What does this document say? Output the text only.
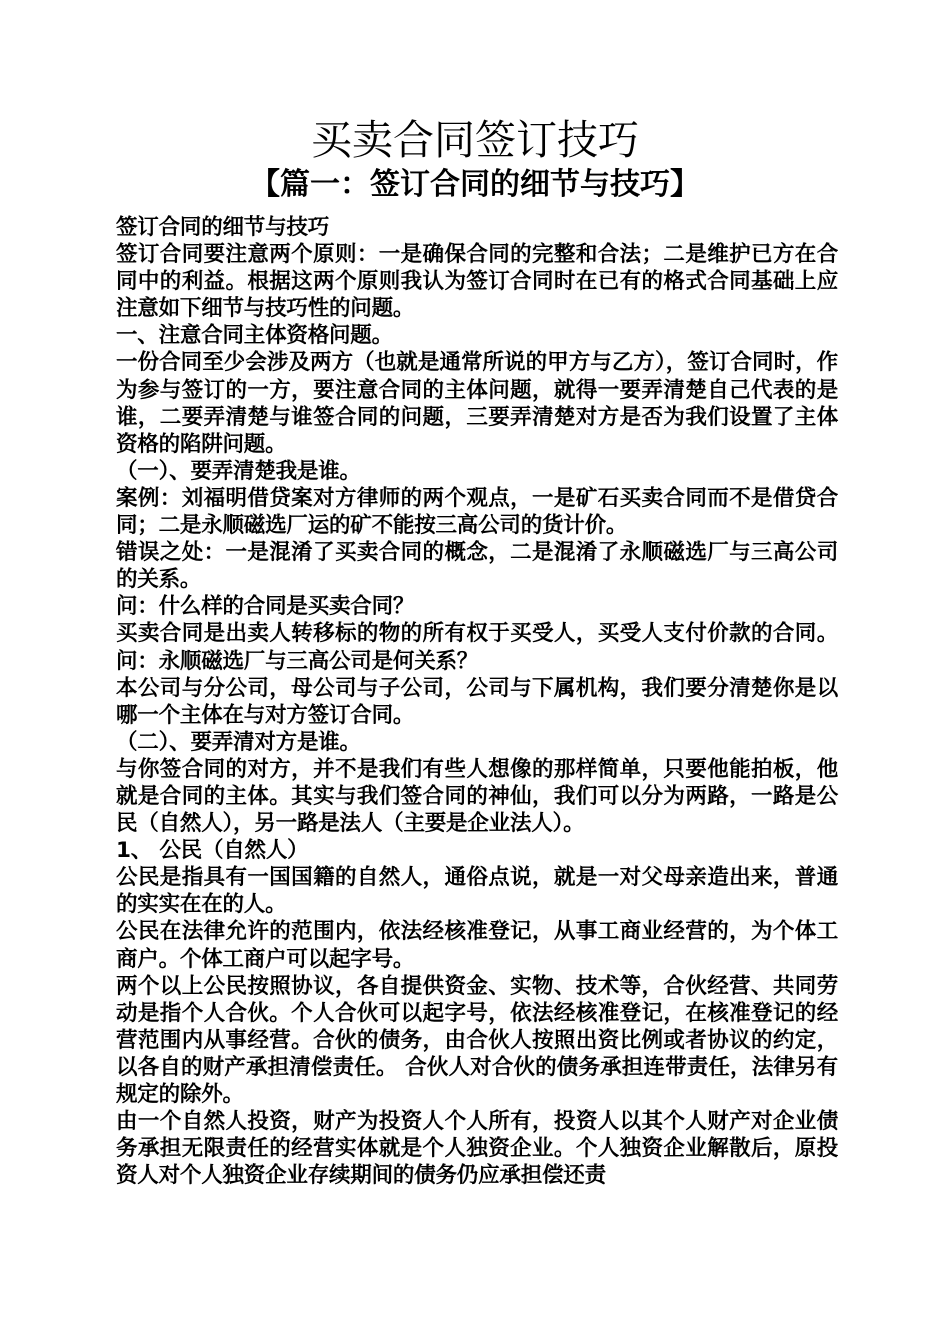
买卖合同签订技巧
【篇一：签订合同的细节与技巧】

签订合同的细节与技巧

签订合同要注意两个原则：一是确保合同的完整和合法；二是维护已方在合同中的利益。根据这两个原则我认为签订合同时在已有的格式合同基础上应注意如下细节与技巧性的问题。

一、注意合同主体资格问题。

一份合同至少会涉及两方（也就是通常所说的甲方与乙方），签订合同时，作为参与签订的一方，要注意合同的主体问题，就得一要弄清楚自己代表的是谁，二要弄清楚与谁签合同的问题，三要弄清楚对方是否为我们设置了主体资格的陷阱问题。

（一）、要弄清楚我是谁。

案例：刘福明借贷案对方律师的两个观点，一是矿石买卖合同而不是借贷合同；二是永顺磁选厂运的矿不能按三高公司的货计价。

错误之处：一是混淆了买卖合同的概念，二是混淆了永顺磁选厂与三高公司的关系。

问：什么样的合同是买卖合同？

买卖合同是出卖人转移标的物的所有权于买受人，买受人支付价款的合同。 问：永顺磁选厂与三高公司是何关系？

本公司与分公司，母公司与子公司，公司与下属机构，我们要分清楚你是以哪一个主体在与对方签订合同。

（二）、要弄清对方是谁。

与你签合同的对方，并不是我们有些人想像的那样简单，只要他能拍板，他就是合同的主体。其实与我们签合同的神仙，我们可以分为两路，一路是公民（自然人），另一路是法人（主要是企业法人）。

1、 公民（自然人）

公民是指具有一国国籍的自然人，通俗点说，就是一对父母亲造出来，普通的实实在在的人。

公民在法律允许的范围内，依法经核准登记，从事工商业经营的，为个体工商户。个体工商户可以起字号。

两个以上公民按照协议，各自提供资金、实物、技术等，合伙经营、共同劳动是指个人合伙。个人合伙可以起字号，依法经核准登记，在核准登记的经营范围内从事经营。合伙的债务，由合伙人按照出资比例或者协议的约定，以各自的财产承担清偿责任。 合伙人对合伙的债务承担连带责任，法律另有规定的除外。

由一个自然人投资，财产为投资人个人所有，投资人以其个人财产对企业债务承担无限责任的经营实体就是个人独资企业。个人独资企业解散后，原投资人对个人独资企业存续期间的债务仍应承担偿还责
